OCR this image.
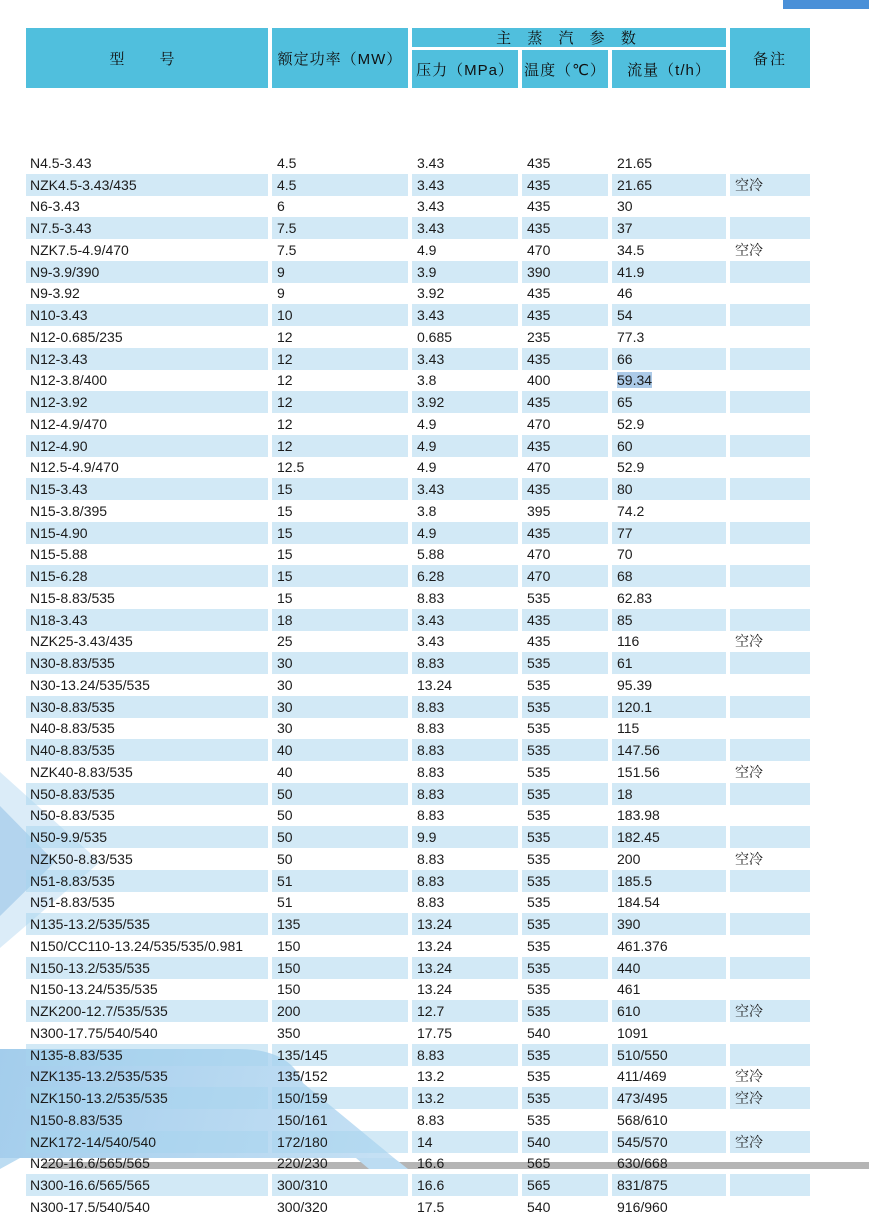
型　号	额定功率（MW）
主 蒸 汽 参 数
压力（MPa） 温度（℃）	流量（t/h）
备注
N4.5-3.43	4.5	3.43	435	21.65
NZK4.5-3.43/435	4.5	3.43	435	21.65	空冷
N6-3.43	6	3.43	435	30
N7.5-3.43	7.5	3.43	435	37
NZK7.5-4.9/470	7.5	4.9	470	34.5	空冷
N9-3.9/390	9	3.9	390	41.9
N9-3.92	9	3.92	435	46
N10-3.43	10	3.43	435	54
N12-0.685/235	12	0.685	235	77.3
N12-3.43	12	3.43	435	66
N12-3.8/400	12	3.8	400	59.34
N12-3.92	12	3.92	435	65
N12-4.9/470	12	4.9	470	52.9
N12-4.90	12	4.9	435	60
N12.5-4.9/470	12.5	4.9	470	52.9
N15-3.43	15	3.43	435	80
N15-3.8/395	15	3.8	395	74.2
N15-4.90	15	4.9	435	77
N15-5.88	15	5.88	470	70
N15-6.28	15	6.28	470	68
N15-8.83/535	15	8.83	535	62.83
N18-3.43	18	3.43	435	85
NZK25-3.43/435	25	3.43	435	116	空冷
N30-8.83/535	30	8.83	535	61
N30-13.24/535/535	30	13.24	535	95.39
N30-8.83/535	30	8.83	535	120.1
N40-8.83/535	30	8.83	535	115
N40-8.83/535	40	8.83	535	147.56
NZK40-8.83/535	40	8.83	535	151.56	空冷
N50-8.83/535	50	8.83	535	18
N50-8.83/535	50	8.83	535	183.98
N50-9.9/535	50	9.9	535	182.45
NZK50-8.83/535	50	8.83	535	200	空冷
N51-8.83/535	51	8.83	535	185.5
N51-8.83/535	51	8.83	535	184.54
N135-13.2/535/535	135	13.24	535	390
N150/CC110-13.24/535/535/0.981	150	13.24	535	461.376
N150-13.2/535/535	150	13.24	535	440
N150-13.24/535/535	150	13.24	535	461
NZK200-12.7/535/535	200	12.7	535	610	空冷
N300-17.75/540/540	350	17.75	540	1091
N135-8.83/535	135/145	8.83	535	510/550
NZK135-13.2/535/535	135/152	13.2	535	411/469	空冷
NZK150-13.2/535/535	150/159	13.2	535	473/495	空冷
N150-8.83/535	150/161	8.83	535	568/610
NZK172-14/540/540	172/180	14	540	545/570	空冷
N220-16.6/565/565	220/230	16.6	565	630/668
N300-16.6/565/565	300/310	16.6	565	831/875
N300-17.5/540/540	300/320	17.5	540	916/960
